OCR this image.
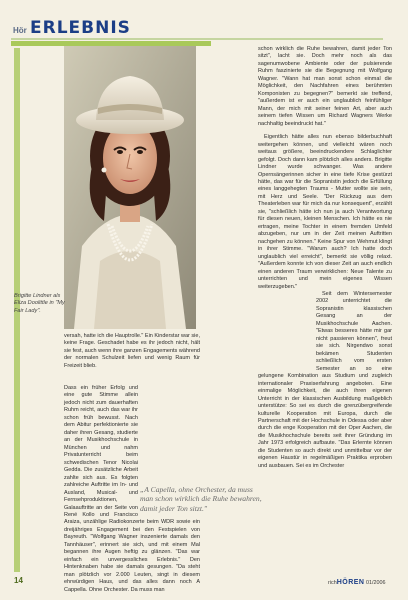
Hör ERLEBNIS
Brigitte Lindner als Eliza Doolittle in "My Fair Lady".

versah, hatte ich die Hauptrolle." Ein Kinderstar war sie, keine Frage. Geschadet habe es ihr jedoch nicht, hält sie fest, auch wenn ihre ganzen Engagements während der normalen Schulzeit liefen und wenig Raum für Freizeit blieb.

Dass ein früher Erfolg und eine gute Stimme allein jedoch nicht zum dauerhaften Ruhm reicht, auch das war ihr schon früh bewusst. Nach dem Abitur perfektionierte sie daher ihren Gesang, studierte an der Musikhochschule in München und nahm Privatunterricht beim schwedischen Tenor Nicolai Gedda. Die zusätzliche Arbeit zahlte sich aus. Es folgten zahlreiche Auftritte im In- und Ausland, Musical- und Fernsehproduktionen, Galaauftritte an der Seite von René Kollo und Francisco Araiza, unzählige Radiokonzerte beim WDR sowie ein dreijähriges Engagement bei den Festspielen von Bayreuth. "Wolfgang Wagner inszenierte damals den Tannhäuser", erinnert sie sich, und mit einem Mal begannen ihre Augen heftig zu glänzen. "Das war einfach ein unvergessliches Erlebnis." Den Hintenknaben habe sie damals gesungen. "Da steht man plötzlich vor 2.000 Leuten, singt in diesem ehrwürdigen Haus, und das alles dann noch A Cappella. Ohne Orchester. Da muss man

„A Capella, ohne Orchester, da muss man schon wirklich die Ruhe bewahren, damit jeder Ton sitzt."

schon wirklich die Ruhe bewahren, damit jeder Ton sitzt", lacht sie. Doch mehr noch als das sagenumwobene Ambiente oder der pulsierende Ruhm faszinierte sie die Begegnung mit Wolfgang Wagner. "Wann hat man sonst schon einmal die Möglichkeit, den Nachfahren eines berühmten Komponisten zu begegnen?" bemerkt sie treffend, "außerdem ist er auch ein unglaublich feinfühliger Mann, der mich mit seiner feinen Art, aber auch seinem tiefen Wissen um Richard Wagners Werke nachhaltig beeindruckt hat."

Eigentlich hätte alles nun ebenso bilderbuchhaft weitergehen können, und vielleicht wären noch weitaus größere, beeindruckendere Schlaglichter gefolgt. Doch dann kam plötzlich alles anders. Brigitte Lindner wurde schwanger. Was andere Opernsängerinnen sicher in eine tiefe Krise gestürzt hätte, das war für die Sopranistin jedoch die Erfüllung eines langgehegten Traums - Mutter wollte sie sein, mit Herz und Seele. "Der Rückzug aus dem Theaterleben war für mich da nur konsequent", erzählt sie, "schließlich hätte ich nun ja auch Verantwortung für diesen neuen, kleinen Menschen. Ich hätte es nie ertragen, meine Tochter in einem fremden Umfeld abzugeben, nur um in der Zeit meinen Auftritten nachgehen zu können." Keine Spur von Wehmut klingt in ihrer Stimme. "Warum auch? Ich hatte doch unglaublich viel erreicht", bemerkt sie völlig relaxt. "Außerdem konnte ich von dieser Zeit an auch endlich einen anderen Traum verwirklichen: Neue Talente zu unterrichten und mein eigenes Wissen weiterzugeben."

Seit dem Wintersemester 2002 unterrichtet die Sopranistin klassischen Gesang an der Musikhochschule Aachen. "Etwas besseres hätte mir gar nicht passieren können", freut sie sich. Nirgendwo sonst bekämen Studenten schließlich vom ersten Semester an so eine gelungene Kombination aus Studium und zugleich internationaler Praxiserfahrung angeboten. Eine einmalige Möglichkeit, die auch ihren eigenen Unterricht in der klassischen Ausbildung maßgeblich unterstütze: So sei es durch die grenzübergreifende kulturelle Kooperation mit Europa, durch die Partnerschaft mit der Hochschule in Odessa oder aber durch die enge Kooperation mit der Oper Aachen, die die Musikhochschule bereits seit ihrer Gründung im Jahr 1973 erfolgreich aufbaute. "Das Erlernte können die Studenten so auch direkt und unmittelbar vor der eigenen Haustür in regelmäßigen Praktika erproben und ausbauen. Sei es im Orchester

14	richHÖREN 01/2006
